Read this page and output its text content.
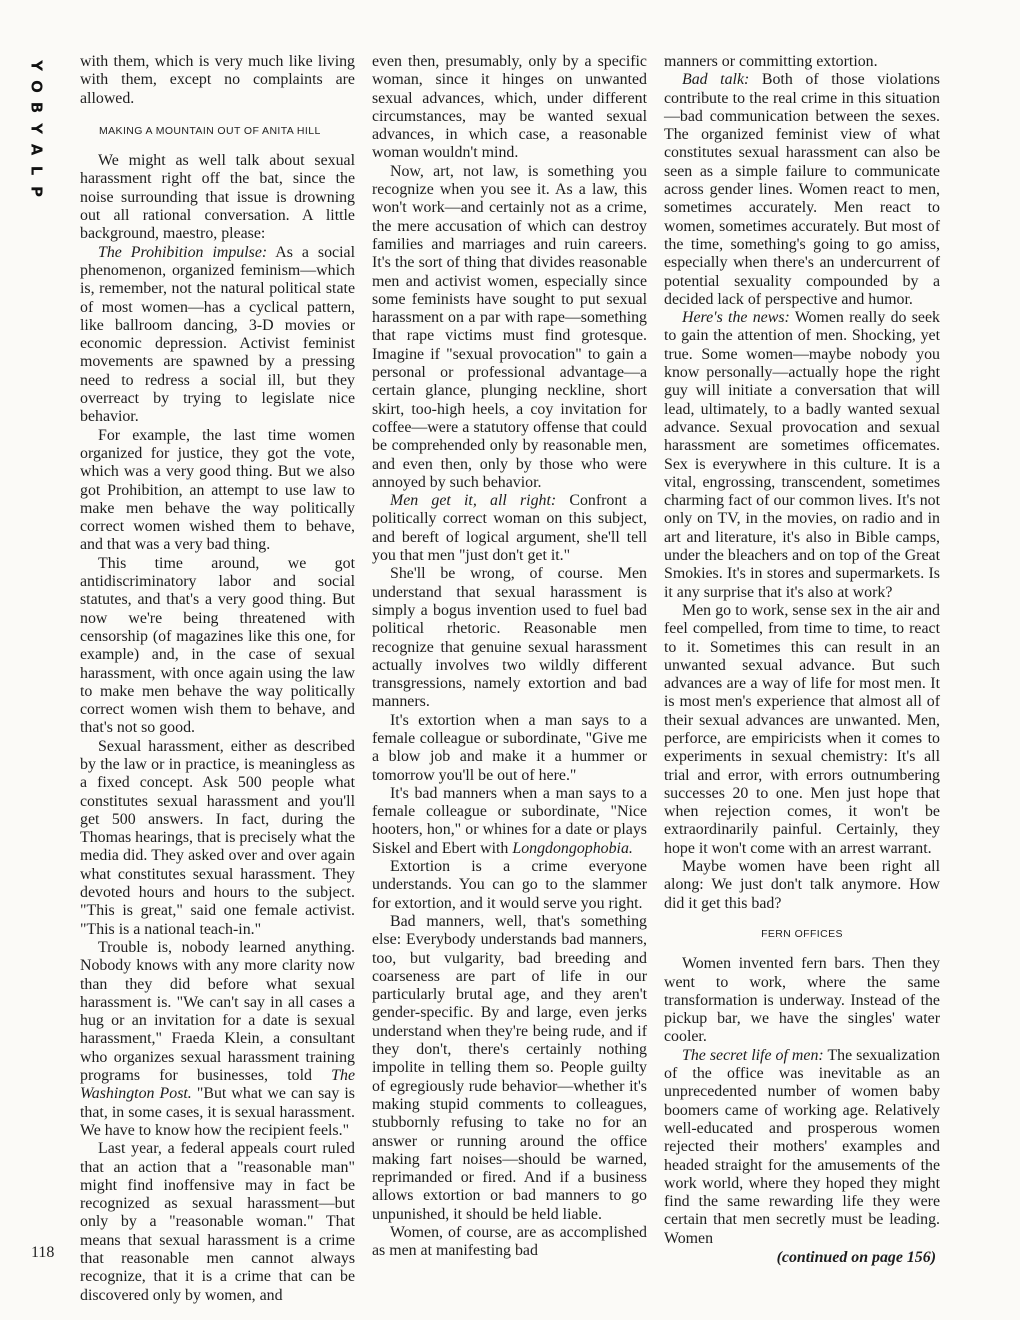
Y
O
B
Y
A
L
P
118

with them, which is very much like living with them, except no complaints are allowed.

MAKING A MOUNTAIN OUT OF ANITA HILL

We might as well talk about sexual harassment right off the bat, since the noise surrounding that issue is drowning out all rational conversation. A little background, maestro, please:

The Prohibition impulse: As a social phenomenon, organized feminism—which is, remember, not the natural political state of most women—has a cyclical pattern, like ballroom dancing, 3-D movies or economic depression. Activist feminist movements are spawned by a pressing need to redress a social ill, but they overreact by trying to legislate nice behavior.

For example, the last time women organized for justice, they got the vote, which was a very good thing. But we also got Prohibition, an attempt to use law to make men behave the way politically correct women wished them to behave, and that was a very bad thing.

This time around, we got antidiscriminatory labor and social statutes, and that's a very good thing. But now we're being threatened with censorship (of magazines like this one, for example) and, in the case of sexual harassment, with once again using the law to make men behave the way politically correct women wish them to behave, and that's not so good.

Sexual harassment, either as described by the law or in practice, is meaningless as a fixed concept. Ask 500 people what constitutes sexual harassment and you'll get 500 answers. In fact, during the Thomas hearings, that is precisely what the media did. They asked over and over again what constitutes sexual harassment. They devoted hours and hours to the subject. "This is great," said one female activist. "This is a national teach-in."

Trouble is, nobody learned anything. Nobody knows with any more clarity now than they did before what sexual harassment is. "We can't say in all cases a hug or an invitation for a date is sexual harassment," Fraeda Klein, a consultant who organizes sexual harassment training programs for businesses, told The Washington Post. "But what we can say is that, in some cases, it is sexual harassment. We have to know how the recipient feels."

Last year, a federal appeals court ruled that an action that a "reasonable man" might find inoffensive may in fact be recognized as sexual harassment—but only by a "reasonable woman." That means that sexual harassment is a crime that reasonable men cannot always recognize, that it is a crime that can be discovered only by women, and

even then, presumably, only by a specific woman, since it hinges on unwanted sexual advances, which, under different circumstances, may be wanted sexual advances, in which case, a reasonable woman wouldn't mind.

Now, art, not law, is something you recognize when you see it. As a law, this won't work—and certainly not as a crime, the mere accusation of which can destroy families and marriages and ruin careers. It's the sort of thing that divides reasonable men and activist women, especially since some feminists have sought to put sexual harassment on a par with rape—something that rape victims must find grotesque. Imagine if "sexual provocation" to gain a personal or professional advantage—a certain glance, plunging neckline, short skirt, too-high heels, a coy invitation for coffee—were a statutory offense that could be comprehended only by reasonable men, and even then, only by those who were annoyed by such behavior.

Men get it, all right: Confront a politically correct woman on this subject, and bereft of logical argument, she'll tell you that men "just don't get it."

She'll be wrong, of course. Men understand that sexual harassment is simply a bogus invention used to fuel bad political rhetoric. Reasonable men recognize that genuine sexual harassment actually involves two wildly different transgressions, namely extortion and bad manners.

It's extortion when a man says to a female colleague or subordinate, "Give me a blow job and make it a hummer or tomorrow you'll be out of here."

It's bad manners when a man says to a female colleague or subordinate, "Nice hooters, hon," or whines for a date or plays Siskel and Ebert with Longdongophobia.

Extortion is a crime everyone understands. You can go to the slammer for extortion, and it would serve you right.

Bad manners, well, that's something else: Everybody understands bad manners, too, but vulgarity, bad breeding and coarseness are part of life in our particularly brutal age, and they aren't gender-specific. By and large, even jerks understand when they're being rude, and if they don't, there's certainly nothing impolite in telling them so. People guilty of egregiously rude behavior—whether it's making stupid comments to colleagues, stubbornly refusing to take no for an answer or running around the office making fart noises—should be warned, reprimanded or fired. And if a business allows extortion or bad manners to go unpunished, it should be held liable.

Women, of course, are as accomplished as men at manifesting bad

manners or committing extortion.

Bad talk: Both of those violations contribute to the real crime in this situation—bad communication between the sexes. The organized feminist view of what constitutes sexual harassment can also be seen as a simple failure to communicate across gender lines. Women react to men, sometimes accurately. Men react to women, sometimes accurately. But most of the time, something's going to go amiss, especially when there's an undercurrent of potential sexuality compounded by a decided lack of perspective and humor.

Here's the news: Women really do seek to gain the attention of men. Shocking, yet true. Some women—maybe nobody you know personally—actually hope the right guy will initiate a conversation that will lead, ultimately, to a badly wanted sexual advance. Sexual provocation and sexual harassment are sometimes officemates. Sex is everywhere in this culture. It is a vital, engrossing, transcendent, sometimes charming fact of our common lives. It's not only on TV, in the movies, on radio and in art and literature, it's also in Bible camps, under the bleachers and on top of the Great Smokies. It's in stores and supermarkets. Is it any surprise that it's also at work?

Men go to work, sense sex in the air and feel compelled, from time to time, to react to it. Sometimes this can result in an unwanted sexual advance. But such advances are a way of life for most men. It is most men's experience that almost all of their sexual advances are unwanted. Men, perforce, are empiricists when it comes to experiments in sexual chemistry: It's all trial and error, with errors outnumbering successes 20 to one. Men just hope that when rejection comes, it won't be extraordinarily painful. Certainly, they hope it won't come with an arrest warrant.

Maybe women have been right all along: We just don't talk anymore. How did it get this bad?

FERN OFFICES

Women invented fern bars. Then they went to work, where the same transformation is underway. Instead of the pickup bar, we have the singles' water cooler.

The secret life of men: The sexualization of the office was inevitable as an unprecedented number of women baby boomers came of working age. Relatively well-educated and prosperous women rejected their mothers' examples and headed straight for the amusements of the work world, where they hoped they might find the same rewarding life they were certain that men secretly must be leading. Women

(continued on page 156)
